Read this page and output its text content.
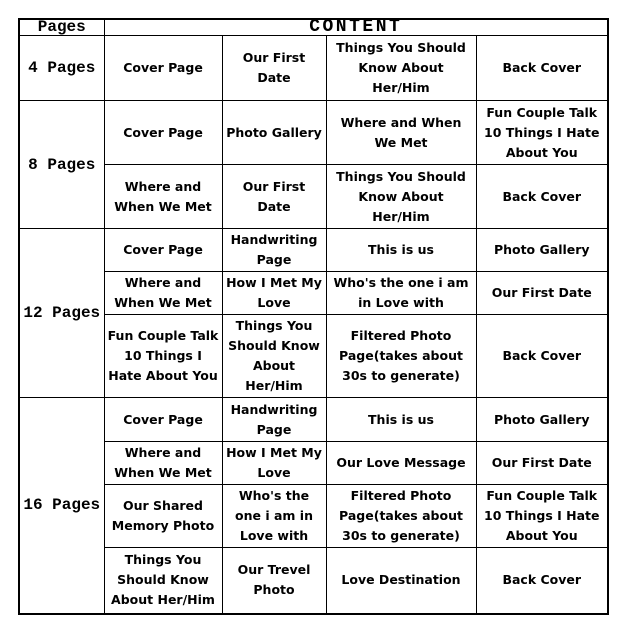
Pages	CONTENT			
4 Pages	Cover Page	Our First Date	Things You Should Know About Her/Him	Back Cover
8 Pages	Cover Page	Photo Gallery	Where and When We Met	Fun Couple Talk 10 Things I Hate About You
	Where and When We Met	Our First Date	Things You Should Know About Her/Him	Back Cover
12 Pages	Cover Page	Handwriting Page	This is us	Photo Gallery
	Where and When We Met	How I Met My Love	Who's the one i am in Love with	Our First Date
	Fun Couple Talk 10 Things I Hate About You	Things You Should Know About Her/Him	Filtered Photo Page(takes about 30s to generate)	Back Cover
16 Pages	Cover Page	Handwriting Page	This is us	Photo Gallery
	Where and When We Met	How I Met My Love	Our Love Message	Our First Date
	Our Shared Memory Photo	Who's the one i am in Love with	Filtered Photo Page(takes about 30s to generate)	Fun Couple Talk 10 Things I Hate About You
	Things You Should Know About Her/Him	Our Trevel Photo	Love Destination	Back Cover
